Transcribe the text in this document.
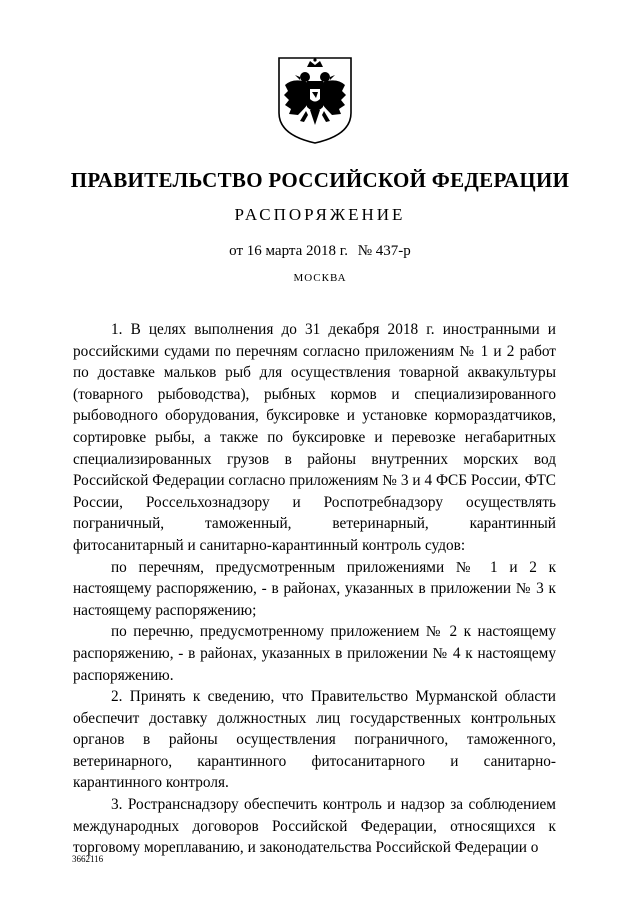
ПРАВИТЕЛЬСТВО РОССИЙСКОЙ ФЕДЕРАЦИИ
РАСПОРЯЖЕНИЕ
от 16 марта 2018 г. № 437-р
МОСКВА

1. В целях выполнения до 31 декабря 2018 г. иностранными и российскими судами по перечням согласно приложениям № 1 и 2 работ по доставке мальков рыб для осуществления товарной аквакультуры (товарного рыбоводства), рыбных кормов и специализированного рыбоводного оборудования, буксировке и установке кормораздатчиков, сортировке рыбы, а также по буксировке и перевозке негабаритных специализированных грузов в районы внутренних морских вод Российской Федерации согласно приложениям № 3 и 4 ФСБ России, ФТС России, Россельхознадзору и Роспотребнадзору осуществлять пограничный, таможенный, ветеринарный, карантинный фитосанитарный и санитарно-карантинный контроль судов:

по перечням, предусмотренным приложениями № 1 и 2 к настоящему распоряжению, - в районах, указанных в приложении № 3 к настоящему распоряжению;

по перечню, предусмотренному приложением № 2 к настоящему распоряжению, - в районах, указанных в приложении № 4 к настоящему распоряжению.

2. Принять к сведению, что Правительство Мурманской области обеспечит доставку должностных лиц государственных контрольных органов в районы осуществления пограничного, таможенного, ветеринарного, карантинного фитосанитарного и санитарно-карантинного контроля.

3. Ространснадзору обеспечить контроль и надзор за соблюдением международных договоров Российской Федерации, относящихся к торговому мореплаванию, и законодательства Российской Федерации о

3662116
